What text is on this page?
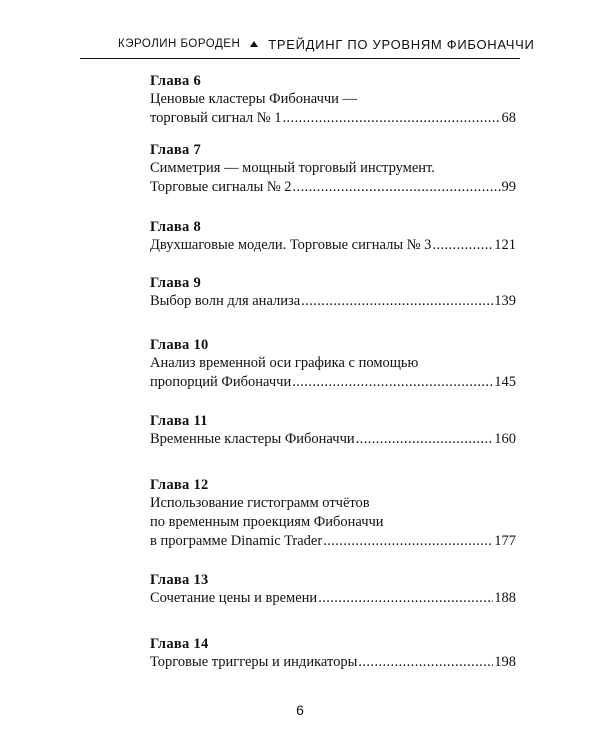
КЭРОЛИН БОРОДЕН ТРЕЙДИНГ ПО УРОВНЯМ ФИБОНАЧЧИ
Глава 6
Ценовые кластеры Фибоначчи —
торговый сигнал № 1 .....	68
Глава 7
Симметрия — мощный торговый инструмент.
Торговые сигналы № 2 .....	99
Глава 8
Двухшаговые модели. Торговые сигналы № 3 .....	121
Глава 9
Выбор волн для анализа .....	139
Глава 10
Анализ временной оси графика с помощью
пропорций Фибоначчи .....	145
Глава 11
Временные кластеры Фибоначчи .....	160
Глава 12
Использование гистограмм отчётов
по временным проекциям Фибоначчи
в программе Dinamic Trader .....	177
Глава 13
Сочетание цены и времени .....	188
Глава 14
Торговые триггеры и индикаторы .....	198
6
